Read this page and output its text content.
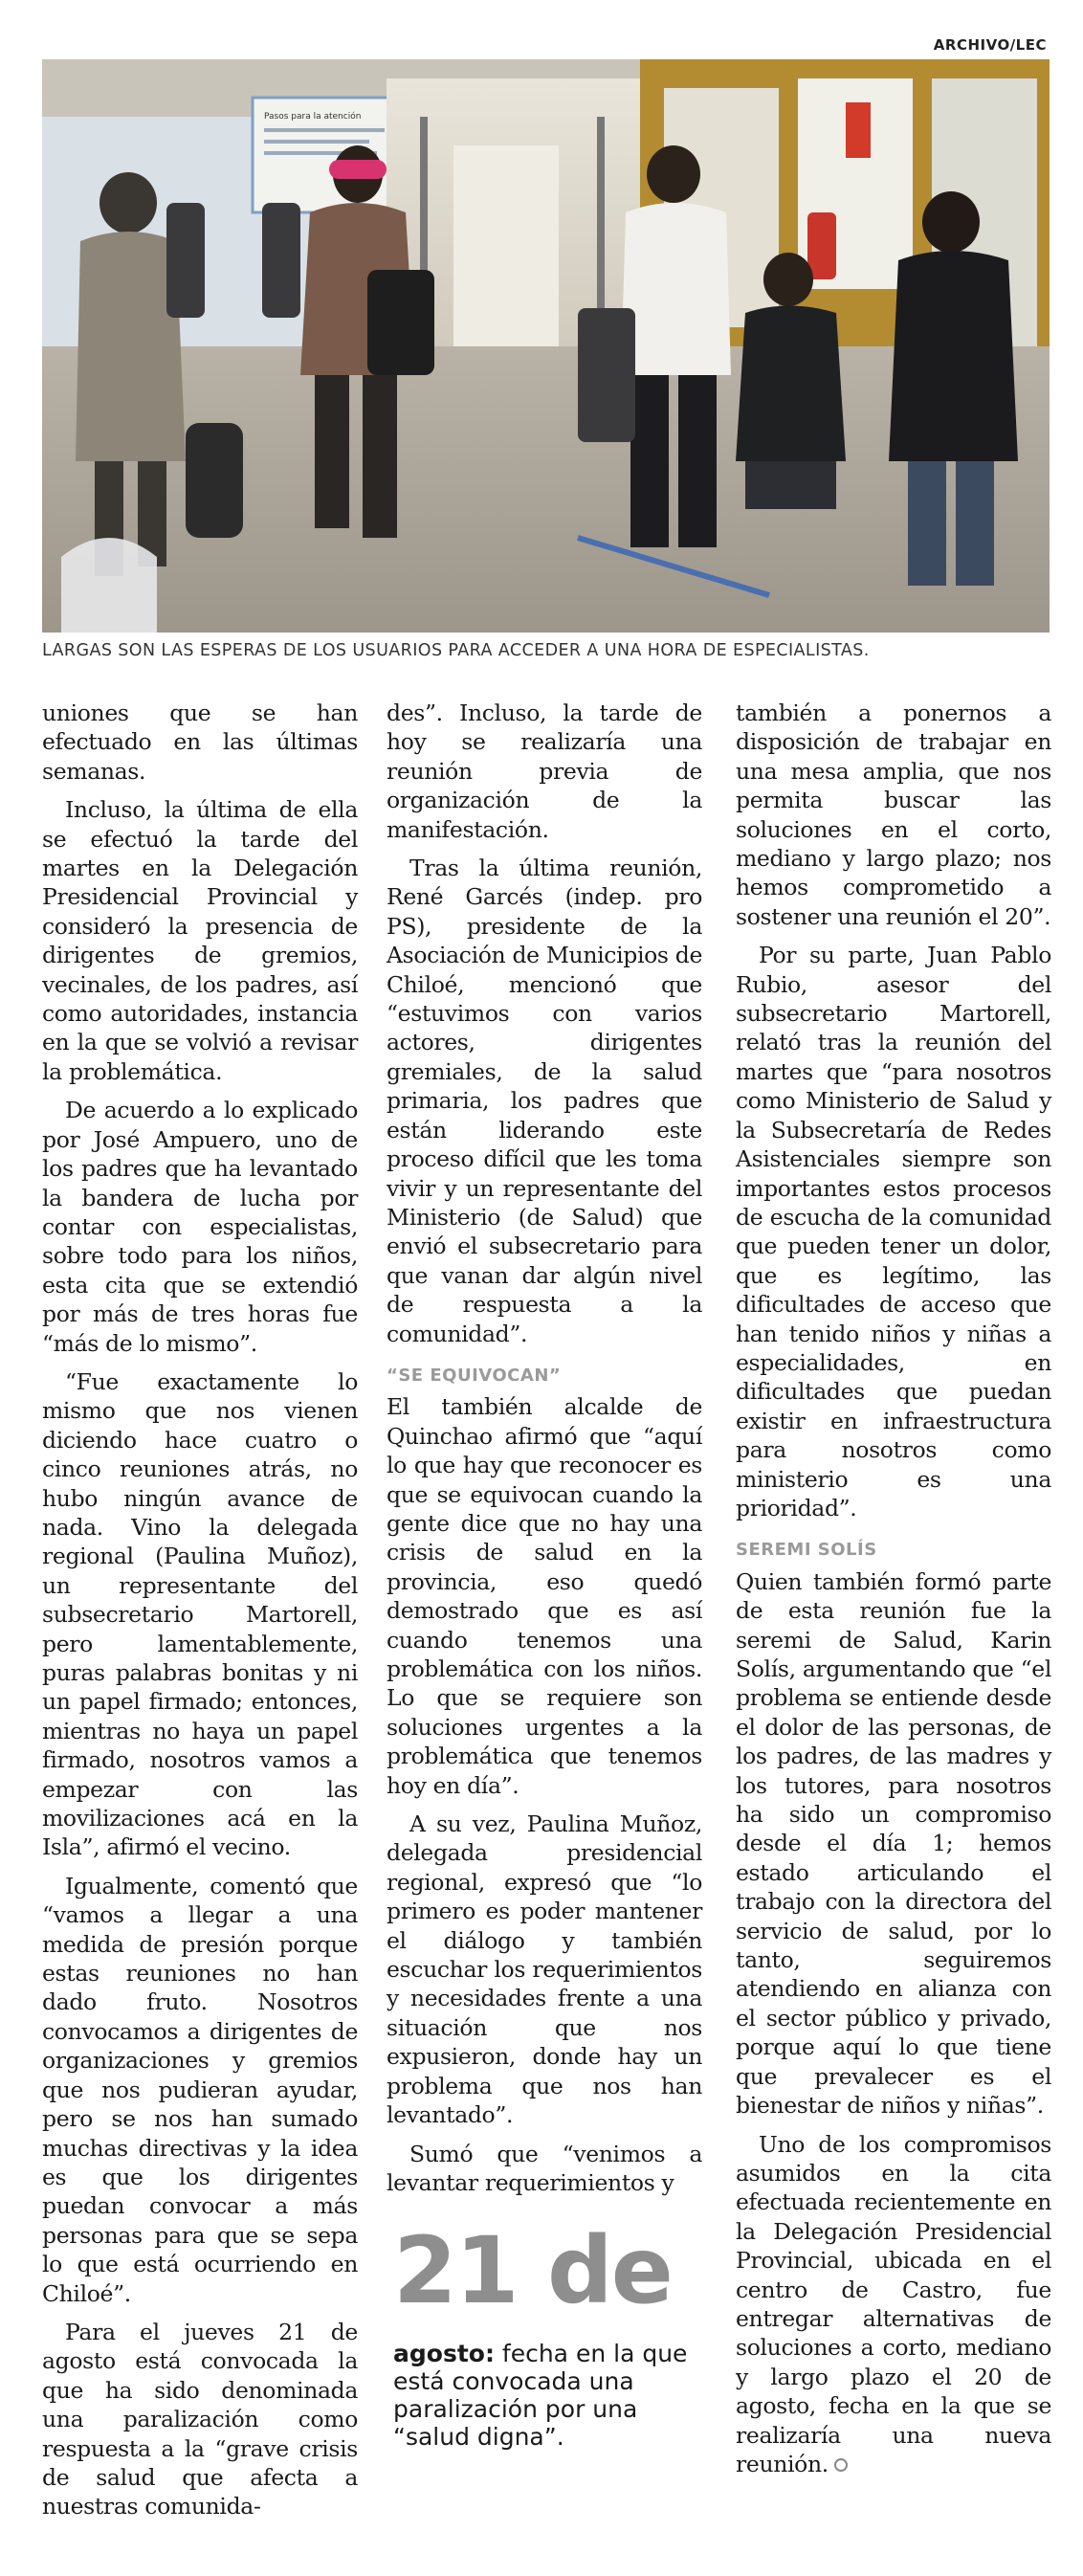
ARCHIVO/LEC
Pasos para la atención
LARGAS SON LAS ESPERAS DE LOS USUARIOS PARA ACCEDER A UNA HORA DE ESPECIALISTAS.

uniones que se han efectuado en las últimas semanas.

Incluso, la última de ella se efectuó la tarde del martes en la Delegación Presidencial Provincial y consideró la presencia de dirigentes de gremios, vecinales, de los padres, así como autoridades, instancia en la que se volvió a revisar la problemática.

De acuerdo a lo explicado por José Ampuero, uno de los padres que ha levantado la bandera de lucha por contar con especialistas, sobre todo para los niños, esta cita que se extendió por más de tres horas fue “más de lo mismo”.

“Fue exactamente lo mismo que nos vienen diciendo hace cuatro o cinco reuniones atrás, no hubo ningún avance de nada. Vino la delegada regional (Paulina Muñoz), un representante del subsecretario Martorell, pero lamentablemente, puras palabras bonitas y ni un papel firmado; entonces, mientras no haya un papel firmado, nosotros vamos a empezar con las movilizaciones acá en la Isla”, afirmó el vecino.

Igualmente, comentó que “vamos a llegar a una medida de presión porque estas reuniones no han dado fruto. Nosotros convocamos a dirigentes de organizaciones y gremios que nos pudieran ayudar, pero se nos han sumado muchas directivas y la idea es que los dirigentes puedan convocar a más personas para que se sepa lo que está ocurriendo en Chiloé”.

Para el jueves 21 de agosto está convocada la que ha sido denominada una paralización como respuesta a la “grave crisis de salud que afecta a nuestras comunida-

des”. Incluso, la tarde de hoy se realizaría una reunión previa de organización de la manifestación.

Tras la última reunión, René Garcés (indep. pro PS), presidente de la Asociación de Municipios de Chiloé, mencionó que “estuvimos con varios actores, dirigentes gremiales, de la salud primaria, los padres que están liderando este proceso difícil que les toma vivir y un representante del Ministerio (de Salud) que envió el subsecretario para que vanan dar algún nivel de respuesta a la comunidad”.

“SE EQUIVOCAN”

El también alcalde de Quinchao afirmó que “aquí lo que hay que reconocer es que se equivocan cuando la gente dice que no hay una crisis de salud en la provincia, eso quedó demostrado que es así cuando tenemos una problemática con los niños. Lo que se requiere son soluciones urgentes a la problemática que tenemos hoy en día”.

A su vez, Paulina Muñoz, delegada presidencial regional, expresó que “lo primero es poder mantener el diálogo y también escuchar los requerimientos y necesidades frente a una situación que nos expusieron, donde hay un problema que nos han levantado”.

Sumó que “venimos a levantar requerimientos y

21 de
agosto: fecha en la que está convocada una paralización por una “salud digna”.

también a ponernos a disposición de trabajar en una mesa amplia, que nos permita buscar las soluciones en el corto, mediano y largo plazo; nos hemos comprometido a sostener una reunión el 20”.

Por su parte, Juan Pablo Rubio, asesor del subsecretario Martorell, relató tras la reunión del martes que “para nosotros como Ministerio de Salud y la Subsecretaría de Redes Asistenciales siempre son importantes estos procesos de escucha de la comunidad que pueden tener un dolor, que es legítimo, las dificultades de acceso que han tenido niños y niñas a especialidades, en dificultades que puedan existir en infraestructura para nosotros como ministerio es una prioridad”.

SEREMI SOLÍS

Quien también formó parte de esta reunión fue la seremi de Salud, Karin Solís, argumentando que “el problema se entiende desde el dolor de las personas, de los padres, de las madres y los tutores, para nosotros ha sido un compromiso desde el día 1; hemos estado articulando el trabajo con la directora del servicio de salud, por lo tanto, seguiremos atendiendo en alianza con el sector público y privado, porque aquí lo que tiene que prevalecer es el bienestar de niños y niñas”.

Uno de los compromisos asumidos en la cita efectuada recientemente en la Delegación Presidencial Provincial, ubicada en el centro de Castro, fue entregar alternativas de soluciones a corto, mediano y largo plazo el 20 de agosto, fecha en la que se realizaría una nueva reunión.
